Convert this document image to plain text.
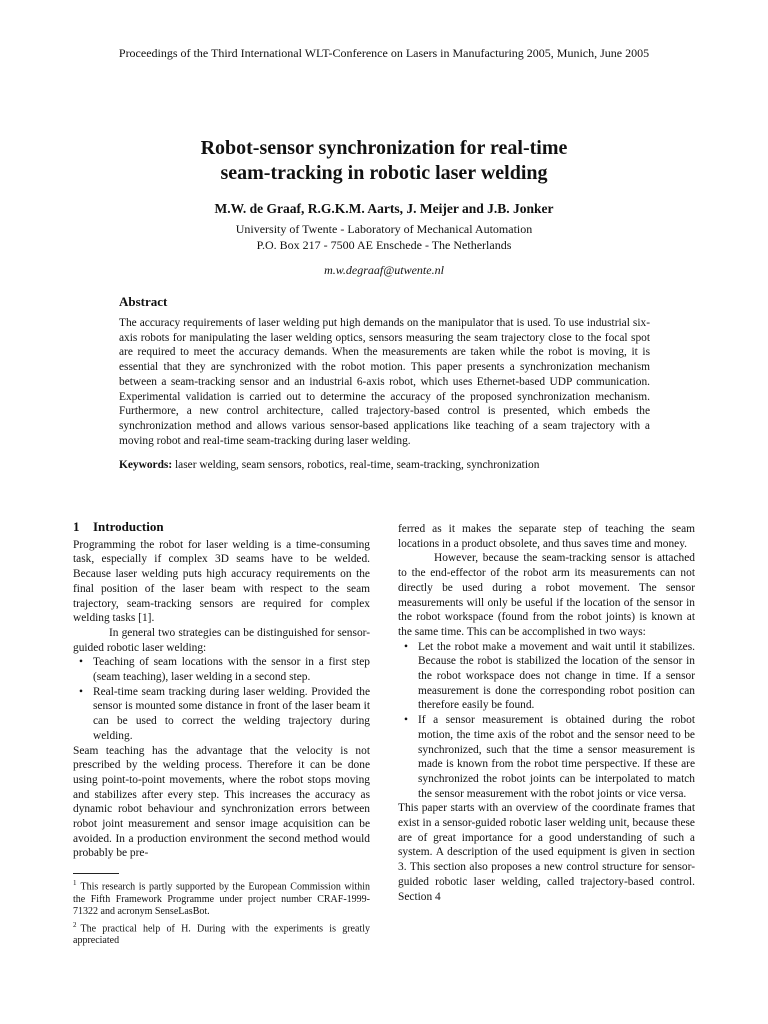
Proceedings of the Third International WLT-Conference on Lasers in Manufacturing 2005, Munich, June 2005
Robot-sensor synchronization for real-time
seam-tracking in robotic laser welding
M.W. de Graaf, R.G.K.M. Aarts, J. Meijer and J.B. Jonker
University of Twente - Laboratory of Mechanical Automation
P.O. Box 217 - 7500 AE Enschede - The Netherlands
m.w.degraaf@utwente.nl
Abstract

The accuracy requirements of laser welding put high demands on the manipulator that is used. To use industrial six-axis robots for manipulating the laser welding optics, sensors measuring the seam trajectory close to the focal spot are required to meet the accuracy demands. When the measurements are taken while the robot is moving, it is essential that they are synchronized with the robot motion. This paper presents a synchronization mechanism between a seam-tracking sensor and an industrial 6-axis robot, which uses Ethernet-based UDP communication. Experimental validation is carried out to determine the accuracy of the proposed synchronization mechanism. Furthermore, a new control architecture, called trajectory-based control is presented, which embeds the synchronization method and allows various sensor-based applications like teaching of a seam trajectory with a moving robot and real-time seam-tracking during laser welding.

Keywords: laser welding, seam sensors, robotics, real-time, seam-tracking, synchronization
1 Introduction

Programming the robot for laser welding is a time-consuming task, especially if complex 3D seams have to be welded. Because laser welding puts high accuracy requirements on the final position of the laser beam with respect to the seam trajectory, seam-tracking sensors are required for complex welding tasks [1].

In general two strategies can be distinguished for sensor-guided robotic laser welding:

• Teaching of seam locations with the sensor in a first step (seam teaching), laser welding in a second step.
• Real-time seam tracking during laser welding. Provided the sensor is mounted some distance in front of the laser beam it can be used to correct the welding trajectory during welding.

Seam teaching has the advantage that the velocity is not prescribed by the welding process. Therefore it can be done using point-to-point movements, where the robot stops moving and stabilizes after every step. This increases the accuracy as dynamic robot behaviour and synchronization errors between robot joint measurement and sensor image acquisition can be avoided. In a production environment the second method would probably be pre-

ferred as it makes the separate step of teaching the seam locations in a product obsolete, and thus saves time and money.

However, because the seam-tracking sensor is attached to the end-effector of the robot arm its measurements can not directly be used during a robot movement. The sensor measurements will only be useful if the location of the sensor in the robot workspace (found from the robot joints) is known at the same time. This can be accomplished in two ways:

• Let the robot make a movement and wait until it stabilizes. Because the robot is stabilized the location of the sensor in the robot workspace does not change in time. If a sensor measurement is done the corresponding robot position can therefore easily be found.
• If a sensor measurement is obtained during the robot motion, the time axis of the robot and the sensor need to be synchronized, such that the time a sensor measurement is made is known from the robot time perspective. If these are synchronized the robot joints can be interpolated to match the sensor measurement with the robot joints or vice versa.

This paper starts with an overview of the coordinate frames that exist in a sensor-guided robotic laser welding unit, because these are of great importance for a good understanding of such a system. A description of the used equipment is given in section 3. This section also proposes a new control structure for sensor-guided robotic laser welding, called trajectory-based control. Section 4

$^1$ This research is partly supported by the European Commission within the Fifth Framework Programme under project number CRAF-1999-71322 and acronym SenseLasBot.

$^2$ The practical help of H. During with the experiments is greatly appreciated
